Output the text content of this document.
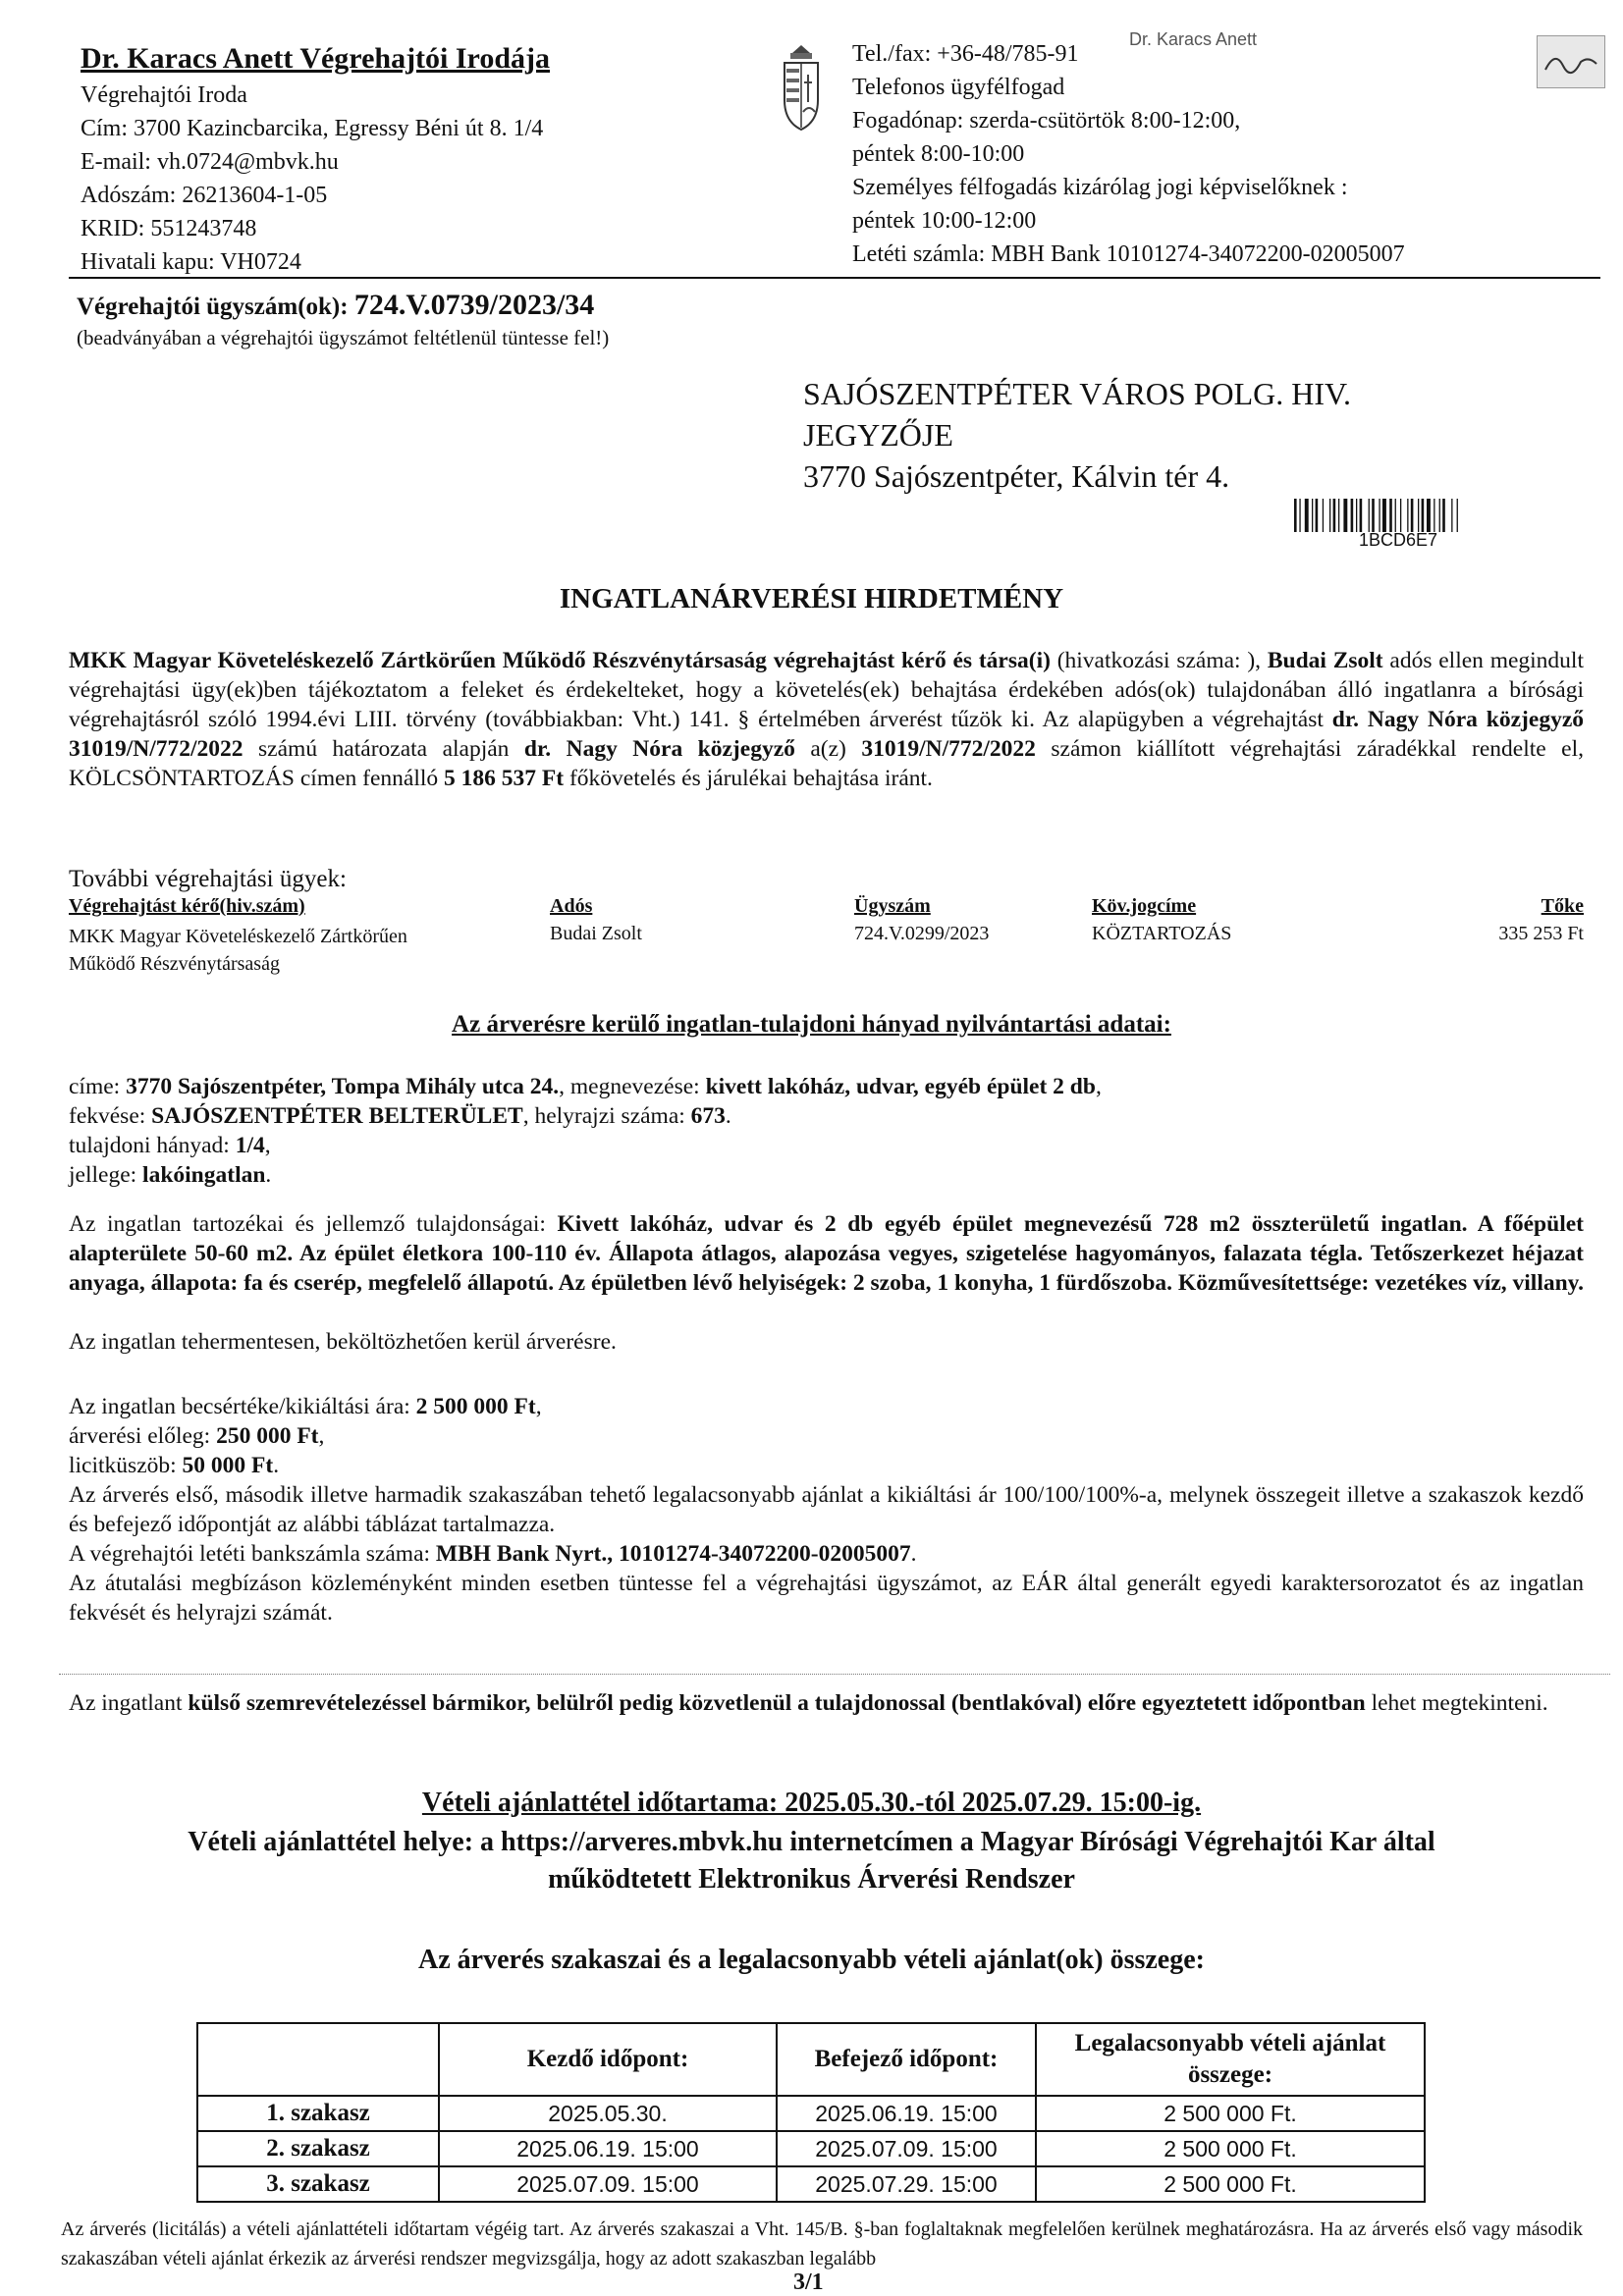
Dr. Karacs Anett Végrehajtói Irodája
Végrehajtói Iroda
Cím: 3700 Kazincbarcika, Egressy Béni út 8. 1/4
E-mail: vh.0724@mbvk.hu
Adószám: 26213604-1-05
KRID: 551243748
Hivatali kapu: VH0724
Tel./fax: +36-48/785-91
Telefonos ügyfélfogad
Fogadónap: szerda-csütörtök 8:00-12:00,
péntek 8:00-10:00
Személyes félfogadás kizárólag jogi képviselőknek :
péntek 10:00-12:00
Letéti számla: MBH Bank 10101274-34072200-02005007
Dr. Karacs Anett
Végrehajtói ügyszám(ok): 724.V.0739/2023/34
(beadványában a végrehajtói ügyszámot feltétlenül tüntesse fel!)
SAJÓSZENTPÉTER VÁROS POLG. HIV.
JEGYZŐJE
3770 Sajószentpéter, Kálvin tér 4.
1BCD6E7
INGATLANÁRVERÉSI HIRDETMÉNY
MKK Magyar Követeléskezelő Zártkörűen Működő Részvénytársaság végrehajtást kérő és társa(i) (hivatkozási száma: ), Budai Zsolt adós ellen megindult végrehajtási ügy(ek)ben tájékoztatom a feleket és érdekelteket, hogy a követelés(ek) behajtása érdekében adós(ok) tulajdonában álló ingatlanra a bírósági végrehajtásról szóló 1994.évi LIII. törvény (továbbiakban: Vht.) 141. § értelmében árverést tűzök ki. Az alapügyben a végrehajtást dr. Nagy Nóra közjegyző 31019/N/772/2022 számú határozata alapján dr. Nagy Nóra közjegyző a(z) 31019/N/772/2022 számon kiállított végrehajtási záradékkal rendelte el, KÖLCSÖNTARTOZÁS címen fennálló 5 186 537 Ft főkövetelés és járulékai behajtása iránt.
További végrehajtási ügyek:
Végrehajtást kérő(hiv.szám)	Adós	Ügyszám	Köv.jogcíme	Tőke
MKK Magyar Követeléskezelő Zártkörűen
Működő Részvénytársaság
Budai Zsolt	724.V.0299/2023	KÖZTARTOZÁS	335 253 Ft
Az árverésre kerülő ingatlan-tulajdoni hányad nyilvántartási adatai:
címe: 3770 Sajószentpéter, Tompa Mihály utca 24., megnevezése: kivett lakóház, udvar, egyéb épület 2 db,
fekvése: SAJÓSZENTPÉTER BELTERÜLET, helyrajzi száma: 673.
tulajdoni hányad: 1/4,
jellege: lakóingatlan.
Az ingatlan tartozékai és jellemző tulajdonságai: Kivett lakóház, udvar és 2 db egyéb épület megnevezésű 728 m2 összterületű ingatlan. A főépület alapterülete 50-60 m2. Az épület életkora 100-110 év. Állapota átlagos, alapozása vegyes, szigetelése hagyományos, falazata tégla. Tetőszerkezet héjazat anyaga, állapota: fa és cserép, megfelelő állapotú. Az épületben lévő helyiségek: 2 szoba, 1 konyha, 1 fürdőszoba. Közművesítettsége: vezetékes víz, villany.
Az ingatlan tehermentesen, beköltözhetően kerül árverésre.
Az ingatlan becsértéke/kikiáltási ára: 2 500 000 Ft,
árverési előleg: 250 000 Ft,
licitküszöb: 50 000 Ft.
Az árverés első, második illetve harmadik szakaszában tehető legalacsonyabb ajánlat a kikiáltási ár 100/100/100%-a, melynek összegeit illetve a szakaszok kezdő és befejező időpontját az alábbi táblázat tartalmazza.
A végrehajtói letéti bankszámla száma: MBH Bank Nyrt., 10101274-34072200-02005007.
Az átutalási megbízáson közleményként minden esetben tüntesse fel a végrehajtási ügyszámot, az EÁR által generált egyedi karaktersorozatot és az ingatlan fekvését és helyrajzi számát.
Az ingatlant külső szemrevételezéssel bármikor, belülről pedig közvetlenül a tulajdonossal (bentlakóval) előre egyeztetett időpontban lehet megtekinteni.
Vételi ajánlattétel időtartama: 2025.05.30.-tól 2025.07.29. 15:00-ig.
Vételi ajánlattétel helye: a https://arveres.mbvk.hu internetcímen a Magyar Bírósági Végrehajtói Kar által
működtetett Elektronikus Árverési Rendszer
Az árverés szakaszai és a legalacsonyabb vételi ajánlat(ok) összege:
	Kezdő időpont:	Befejező időpont:	Legalacsonyabb vételi ajánlat összege:
1. szakasz	2025.05.30.	2025.06.19. 15:00	2 500 000 Ft.
2. szakasz	2025.06.19. 15:00	2025.07.09. 15:00	2 500 000 Ft.
3. szakasz	2025.07.09. 15:00	2025.07.29. 15:00	2 500 000 Ft.
Az árverés (licitálás) a vételi ajánlattételi időtartam végéig tart. Az árverés szakaszai a Vht. 145/B. §-ban foglaltaknak megfelelően kerülnek meghatározásra. Ha az árverés első vagy második szakaszában vételi ajánlat érkezik az árverési rendszer megvizsgálja, hogy az adott szakaszban legalább
3/1
